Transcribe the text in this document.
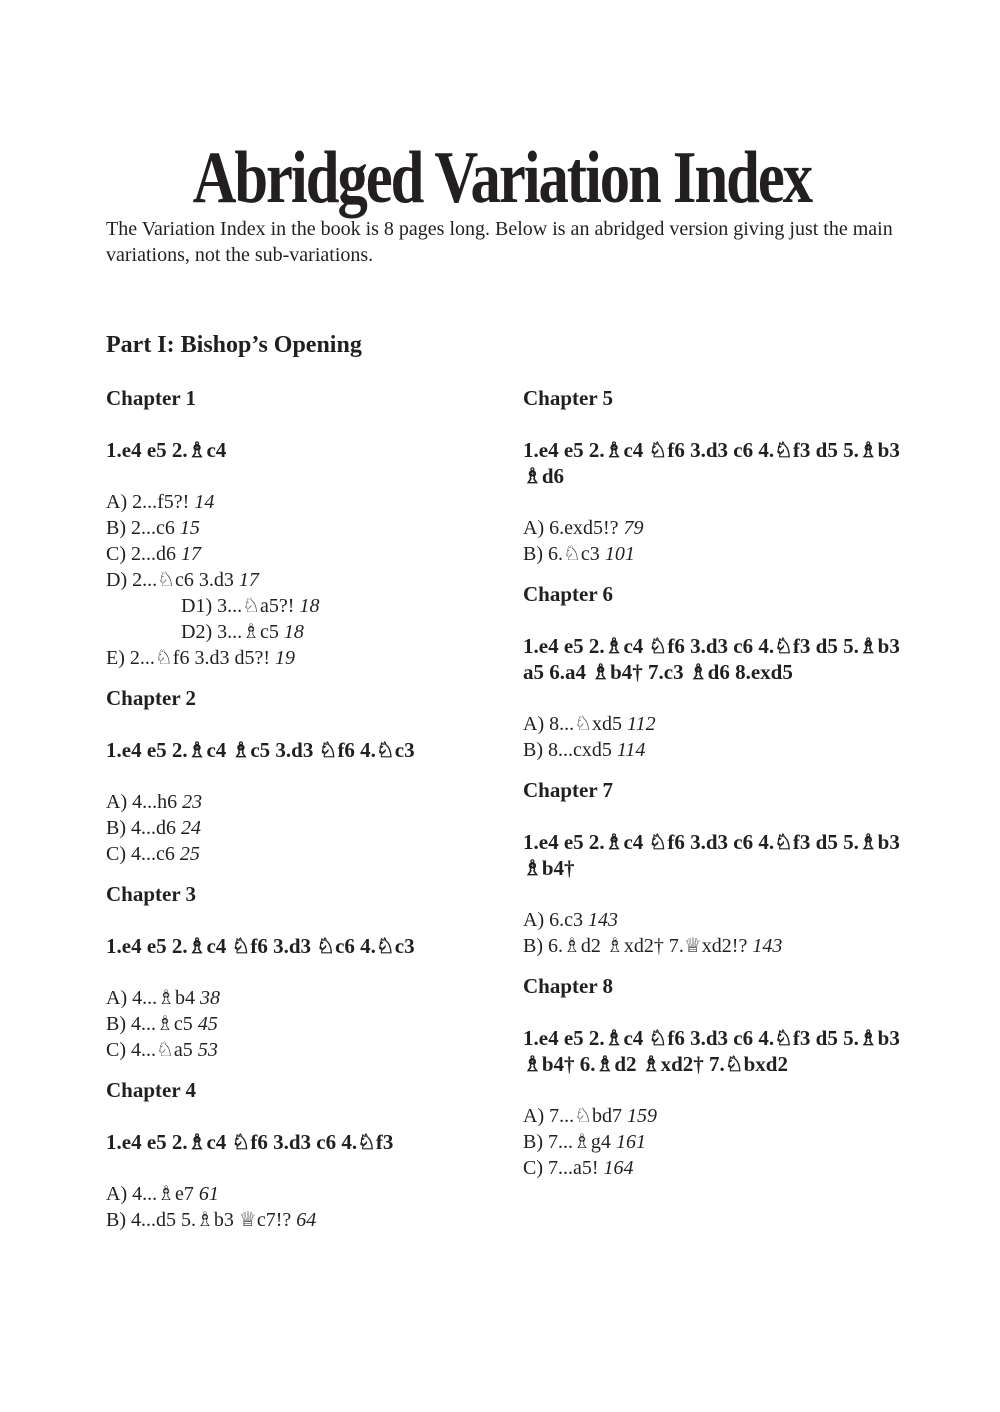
Abridged Variation Index

The Variation Index in the book is 8 pages long. Below is an abridged version giving just the main variations, not the sub-variations.

Part I: Bishop’s Opening
Chapter 1
1.e4 e5 2.♗c4
A) 2...f5?! 14
B) 2...c6 15
C) 2...d6 17
D) 2...♘c6 3.d3 17
D1) 3...♘a5?! 18
D2) 3...♗c5 18
E) 2...♘f6 3.d3 d5?! 19
Chapter 2
1.e4 e5 2.♗c4 ♗c5 3.d3 ♘f6 4.♘c3
A) 4...h6 23
B) 4...d6 24
C) 4...c6 25
Chapter 3
1.e4 e5 2.♗c4 ♘f6 3.d3 ♘c6 4.♘c3
A) 4...♗b4 38
B) 4...♗c5 45
C) 4...♘a5 53
Chapter 4
1.e4 e5 2.♗c4 ♘f6 3.d3 c6 4.♘f3
A) 4...♗e7 61
B) 4...d5 5.♗b3 ♕c7!? 64
Chapter 5
1.e4 e5 2.♗c4 ♘f6 3.d3 c6 4.♘f3 d5 5.♗b3 ♗d6
A) 6.exd5!? 79
B) 6.♘c3 101
Chapter 6
1.e4 e5 2.♗c4 ♘f6 3.d3 c6 4.♘f3 d5 5.♗b3 a5 6.a4 ♗b4† 7.c3 ♗d6 8.exd5
A) 8...♘xd5 112
B) 8...cxd5 114
Chapter 7
1.e4 e5 2.♗c4 ♘f6 3.d3 c6 4.♘f3 d5 5.♗b3 ♗b4†
A) 6.c3 143
B) 6.♗d2 ♗xd2† 7.♕xd2!? 143
Chapter 8
1.e4 e5 2.♗c4 ♘f6 3.d3 c6 4.♘f3 d5 5.♗b3 ♗b4† 6.♗d2 ♗xd2† 7.♘bxd2
A) 7...♘bd7 159
B) 7...♗g4 161
C) 7...a5! 164
